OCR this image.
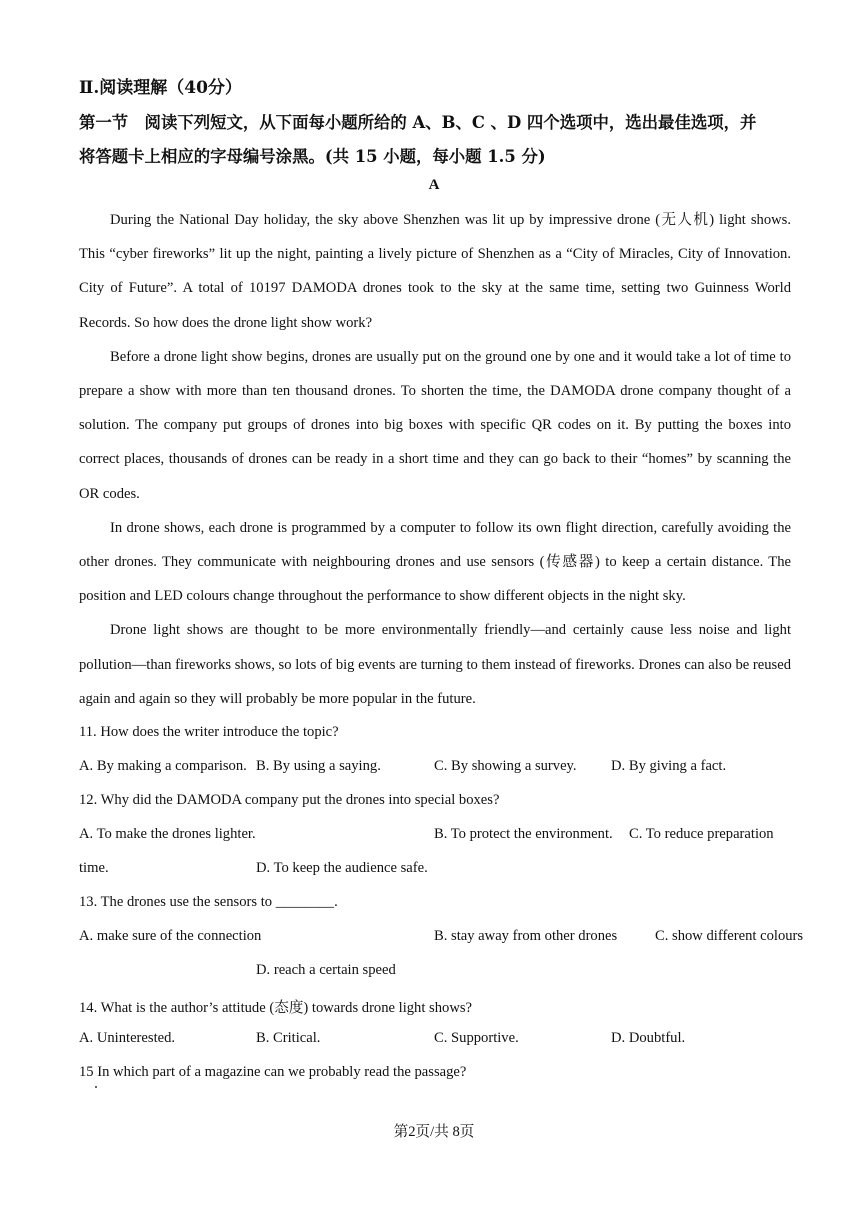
Ⅱ.阅读理解（40分）
第一节　阅读下列短文，从下面每小题所给的 A、B、C 、D 四个选项中，选出最佳选项，并
将答题卡上相应的字母编号涂黑。(共 15 小题，每小题 1.5 分)
A

During the National Day holiday, the sky above Shenzhen was lit up by impressive drone (无人机) light shows. This “cyber fireworks” lit up the night, painting a lively picture of Shenzhen as a “City of Miracles, City of Innovation. City of Future”. A total of 10197 DAMODA drones took to the sky at the same time, setting two Guinness World Records. So how does the drone light show work?

Before a drone light show begins, drones are usually put on the ground one by one and it would take a lot of time to prepare a show with more than ten thousand drones. To shorten the time, the DAMODA drone company thought of a solution. The company put groups of drones into big boxes with specific QR codes on it. By putting the boxes into correct places, thousands of drones can be ready in a short time and they can go back to their “homes” by scanning the OR codes.

In drone shows, each drone is programmed by a computer to follow its own flight direction, carefully avoiding the other drones. They communicate with neighbouring drones and use sensors (传感器) to keep a certain distance. The position and LED colours change throughout the performance to show different objects in the night sky.

Drone light shows are thought to be more environmentally friendly—and certainly cause less noise and light pollution—than fireworks shows, so lots of big events are turning to them instead of fireworks. Drones can also be reused again and again so they will probably be more popular in the future.

11. How does the writer introduce the topic?
A. By making a comparison. B. By using a saying.	C. By showing a survey. D. By giving a fact.
12. Why did the DAMODA company put the drones into special boxes?
A. To make the drones lighter.	B. To protect the environment. C. To reduce preparation
time.	D. To keep the audience safe.
13. The drones use the sensors to ________.
A. make sure of the connection	B. stay away from other drones	C. show different colours
D. reach a certain speed
14. What is the author’s attitude (态度) towards drone light shows?
A. Uninterested.	B. Critical.	C. Supportive.	D. Doubtful.
15 In which part of a magazine can we probably read the passage?
第2页/共 8页
